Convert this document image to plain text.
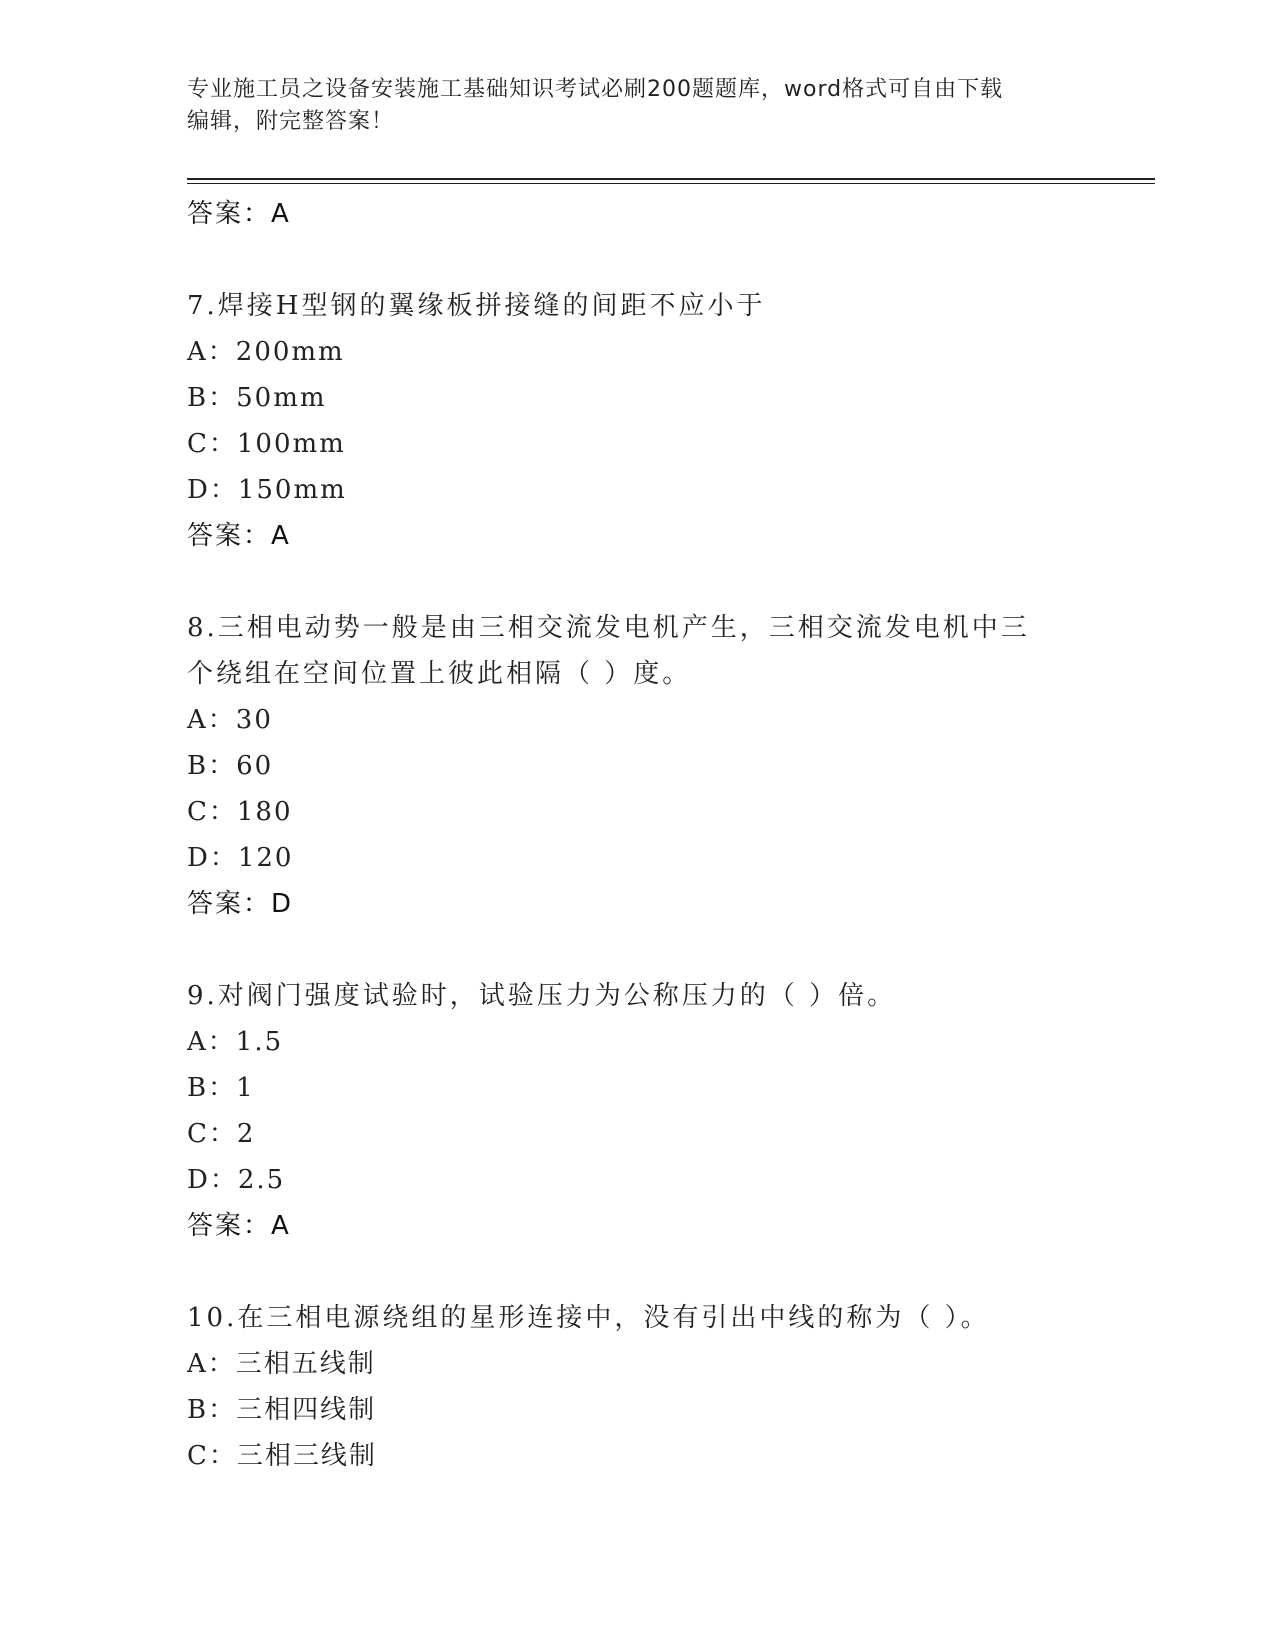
专业施工员之设备安装施工基础知识考试必刷200题题库，word格式可自由下载
编辑，附完整答案！
答案：A
7.焊接H型钢的翼缘板拼接缝的间距不应小于
A：200mm
B：50mm
C：100mm
D：150mm
答案：A
8.三相电动势一般是由三相交流发电机产生，三相交流发电机中三个绕组在空间位置上彼此相隔（ ）度。
A：30
B：60
C：180
D：120
答案：D
9.对阀门强度试验时，试验压力为公称压力的（ ）倍。
A：1.5
B：1
C：2
D：2.5
答案：A
10.在三相电源绕组的星形连接中，没有引出中线的称为（ ）。
A：三相五线制
B：三相四线制
C：三相三线制
